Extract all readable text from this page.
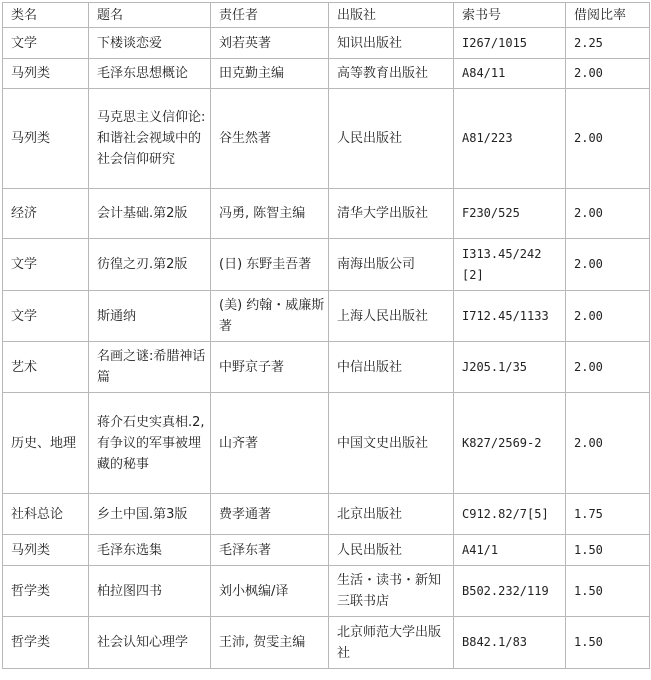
类名	题名	责任者	出版社	索书号	借阅比率
文学	下楼谈恋爱	刘若英著	知识出版社	I267/1015	2.25
马列类	毛泽东思想概论	田克勤主编	高等教育出版社	A84/11	2.00
马列类	马克思主义信仰论:和谐社会视域中的社会信仰研究	谷生然著	人民出版社	A81/223	2.00
经济	会计基础.第2版	冯勇, 陈智主编	清华大学出版社	F230/525	2.00
文学	彷徨之刃.第2版	(日) 东野圭吾著	南海出版公司	I313.45/242 [2]	2.00
文学	斯通纳	(美) 约翰・威廉斯著	上海人民出版社	I712.45/1133	2.00
艺术	名画之谜:希腊神话篇	中野京子著	中信出版社	J205.1/35	2.00
历史、地理	蒋介石史实真相.2,有争议的军事被埋藏的秘事	山齐著	中国文史出版社	K827/2569-2	2.00
社科总论	乡土中国.第3版	费孝通著	北京出版社	C912.82/7[5]	1.75
马列类	毛泽东选集	毛泽东著	人民出版社	A41/1	1.50
哲学类	柏拉图四书	刘小枫编/译	生活・读书・新知三联书店	B502.232/119	1.50
哲学类	社会认知心理学	王沛, 贺雯主编	北京师范大学出版社	B842.1/83	1.50
